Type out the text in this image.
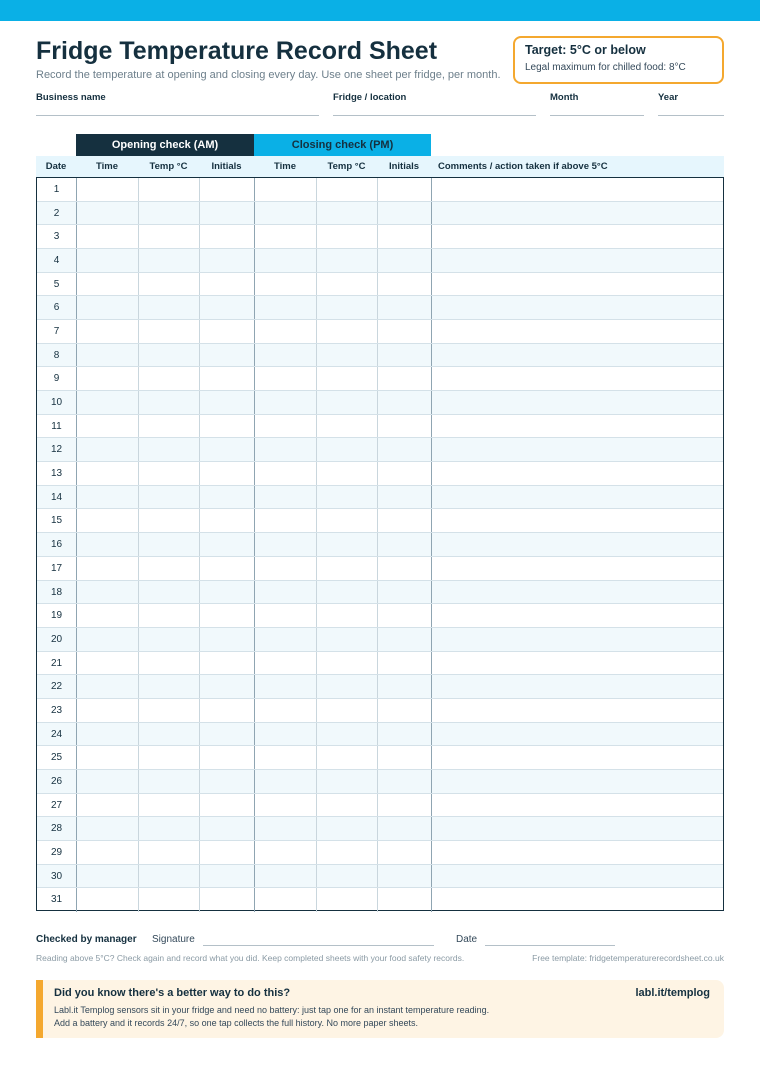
Fridge Temperature Record Sheet
Record the temperature at opening and closing every day. Use one sheet per fridge, per month.
Target: 5°C or below
Legal maximum for chilled food: 8°C
Business name	Fridge / location	Month	Year
Opening check (AM)	Closing check (PM)
Date	Time	Temp °C	Initials	Time	Temp °C	Initials	Comments / action taken if above 5°C
1
2
3
4
5
6
7
8
9
10
11
12
13
14
15
16
17
18
19
20
21
22
23
24
25
26
27
28
29
30
31
Checked by manager Signature	Date
Reading above 5°C? Check again and record what you did. Keep completed sheets with your food safety records.	Free template: fridgetemperaturerecordsheet.co.uk
Did you know there's a better way to do this?	labl.it/templog
Labl.it Templog sensors sit in your fridge and need no battery: just tap one for an instant temperature reading.
Add a battery and it records 24/7, so one tap collects the full history. No more paper sheets.
